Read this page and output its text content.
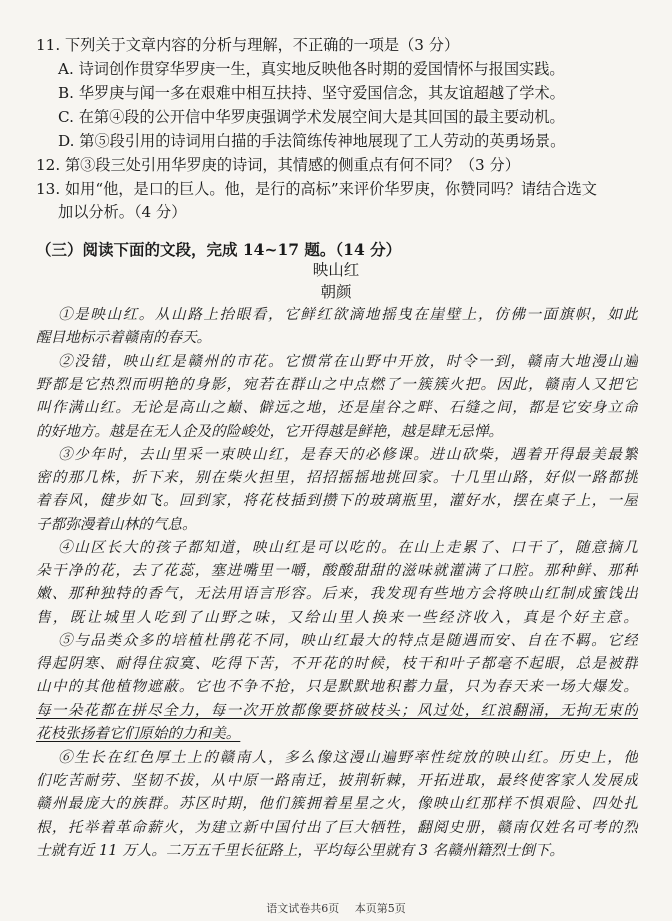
11. 下列关于文章内容的分析与理解，不正确的一项是（3 分）
A. 诗词创作贯穿华罗庚一生，真实地反映他各时期的爱国情怀与报国实践。
B. 华罗庚与闻一多在艰难中相互扶持、坚守爱国信念，其友谊超越了学术。
C. 在第④段的公开信中华罗庚强调学术发展空间大是其回国的最主要动机。
D. 第⑤段引用的诗词用白描的手法简练传神地展现了工人劳动的英勇场景。
12. 第③段三处引用华罗庚的诗词，其情感的侧重点有何不同？（3 分）
13. 如用“他，是口的巨人。他，是行的高标”来评价华罗庚，你赞同吗？请结合选文
加以分析。（4 分）
（三）阅读下面的文段，完成 14~17 题。（14 分）
映山红
朝颜
①是映山红。从山路上抬眼看，它鲜红欲滴地摇曳在崖壁上，仿佛一面旗帜，如此
醒目地标示着赣南的春天。
②没错，映山红是赣州的市花。它惯常在山野中开放，时令一到，赣南大地漫山遍
野都是它热烈而明艳的身影，宛若在群山之中点燃了一簇簇火把。因此，赣南人又把它
叫作满山红。无论是高山之巅、僻远之地，还是崖谷之畔、石缝之间，都是它安身立命
的好地方。越是在无人企及的险峻处，它开得越是鲜艳，越是肆无忌惮。
③少年时，去山里采一束映山红，是春天的必修课。进山砍柴，遇着开得最美最繁
密的那几株，折下来，别在柴火担里，招招摇摇地挑回家。十几里山路，好似一路都挑
着春风，健步如飞。回到家，将花枝插到攒下的玻璃瓶里，灌好水，摆在桌子上，一屋
子都弥漫着山林的气息。
④山区长大的孩子都知道，映山红是可以吃的。在山上走累了、口干了，随意摘几
朵干净的花，去了花蕊，塞进嘴里一嚼，酸酸甜甜的滋味就灌满了口腔。那种鲜、那种
嫩、那种独特的香气，无法用语言形容。后来，我发现有些地方会将映山红制成蜜饯出
售，既让城里人吃到了山野之味，又给山里人换来一些经济收入，真是个好主意。
⑤与品类众多的培植杜鹃花不同，映山红最大的特点是随遇而安、自在不羁。它经
得起阴寒、耐得住寂寞、吃得下苦，不开花的时候，枝干和叶子都毫不起眼，总是被群
山中的其他植物遮蔽。它也不争不抢，只是默默地积蓄力量，只为春天来一场大爆发。
每一朵花都在拼尽全力，每一次开放都像要挤破枝头；风过处，红浪翻涌，无拘无束的
花枝张扬着它们原始的力和美。
⑥生长在红色厚土上的赣南人，多么像这漫山遍野率性绽放的映山红。历史上，他
们吃苦耐劳、坚韧不拔，从中原一路南迁，披荆斩棘，开拓进取，最终使客家人发展成
赣州最庞大的族群。苏区时期，他们簇拥着星星之火，像映山红那样不惧艰险、四处扎
根，托举着革命薪火，为建立新中国付出了巨大牺牲，翻阅史册，赣南仅姓名可考的烈
士就有近 11 万人。二万五千里长征路上，平均每公里就有 3 名赣州籍烈士倒下。
语文试卷共6页 本页第5页
